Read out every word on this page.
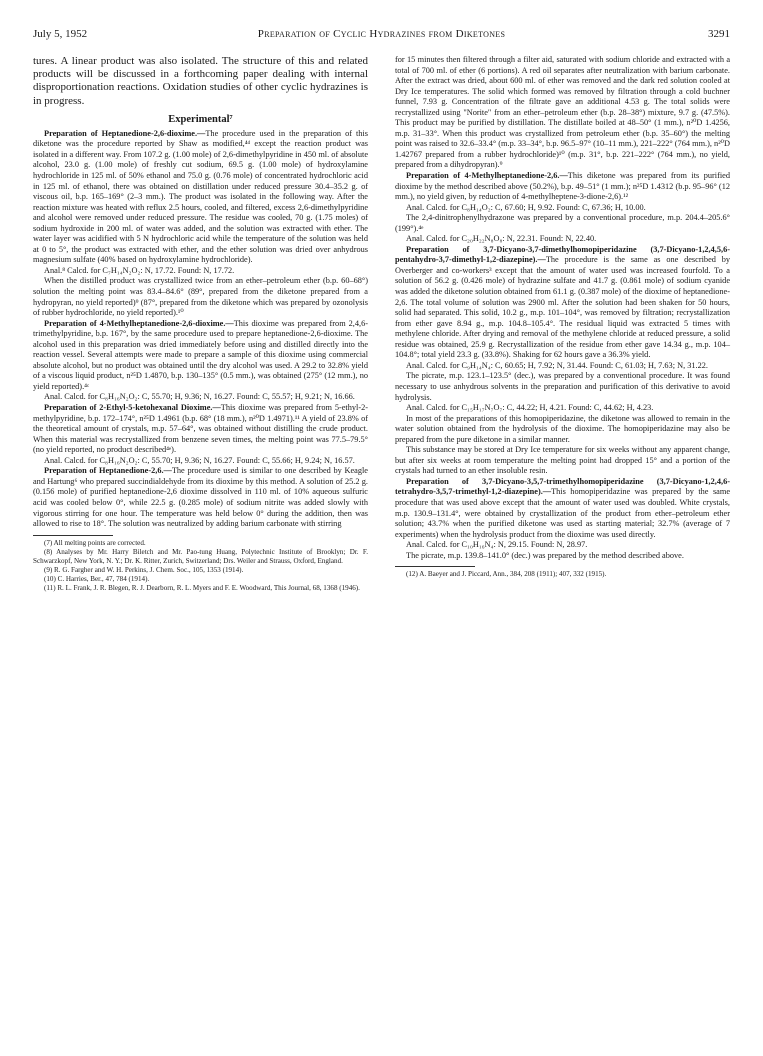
July 5, 1952	Preparation of Cyclic Hydrazines from Diketones	3291

tures. A linear product was also isolated. The structure of this and related products will be discussed in a forthcoming paper dealing with internal disproportionation reactions. Oxidation studies of other cyclic hydrazines is in progress.

Experimental⁷

Preparation of Heptanedione-2,6-dioxime.—The procedure used in the preparation of this diketone was the procedure reported by Shaw as modified,⁴ᵈ except the reaction product was isolated in a different way. From 107.2 g. (1.00 mole) of 2,6-dimethylpyridine in 450 ml. of absolute alcohol, 23.0 g. (1.00 mole) of freshly cut sodium, 69.5 g. (1.00 mole) of hydroxylamine hydrochloride in 125 ml. of 50% ethanol and 75.0 g. (0.76 mole) of concentrated hydrochloric acid in 125 ml. of ethanol, there was obtained on distillation under reduced pressure 30.4–35.2 g. of viscous oil, b.p. 165–169° (2–3 mm.). The product was isolated in the following way. After the reaction mixture was heated with reflux 2.5 hours, cooled, and filtered, excess 2,6-dimethylpyridine and alcohol were removed under reduced pressure. The residue was cooled, 70 g. (1.75 moles) of sodium hydroxide in 200 ml. of water was added, and the solution was extracted with ether. The water layer was acidified with 5 N hydrochloric acid while the temperature of the solution was held at 0 to 5°, the product was extracted with ether, and the ether solution was dried over anhydrous magnesium sulfate (40% based on hydroxylamine hydrochloride).

Anal.⁸ Calcd. for C₇H₁₄N₂O₂: N, 17.72. Found: N, 17.72.

When the distilled product was crystallized twice from an ether–petroleum ether (b.p. 60–68°) solution the melting point was 83.4–84.6° (89°, prepared from the diketone prepared from a hydropyran, no yield reported)⁹ (87°, prepared from the diketone which was prepared by ozonolysis of rubber hydrochloride, no yield reported).¹⁰

Preparation of 4-Methylheptanedione-2,6-dioxime.—This dioxime was prepared from 2,4,6-trimethylpyridine, b.p. 167°, by the same procedure used to prepare heptanedione-2,6-dioxime. The alcohol used in this preparation was dried immediately before using and distilled directly into the reaction vessel. Several attempts were made to prepare a sample of this dioxime using commercial absolute alcohol, but no product was obtained until the dry alcohol was used. A 29.2 to 32.8% yield of a viscous liquid product, n²⁵D 1.4870, b.p. 130–135° (0.5 mm.), was obtained (275° (12 mm.), no yield reported).⁴ᶜ

Anal. Calcd. for C₈H₁₆N₂O₂: C, 55.70; H, 9.36; N, 16.27. Found: C, 55.57; H, 9.21; N, 16.66.

Preparation of 2-Ethyl-5-ketohexanal Dioxime.—This dioxime was prepared from 5-ethyl-2-methylpyridine, b.p. 172–174°, n²⁵D 1.4961 (b.p. 68° (18 mm.), n²⁰D 1.4971).¹¹ A yield of 23.8% of the theoretical amount of crystals, m.p. 57–64°, was obtained without distilling the crude product. When this material was recrystallized from benzene seven times, the melting point was 77.5–79.5° (no yield reported, no product described⁴ᵉ).

Anal. Calcd. for C₈H₁₆N₂O₂: C, 55.70; H, 9.36; N, 16.27. Found: C, 55.66; H, 9.24; N, 16.57.

Preparation of Heptanedione-2,6.—The procedure used is similar to one described by Keagle and Hartung⁶ who prepared succindialdehyde from its dioxime by this method. A solution of 25.2 g. (0.156 mole) of purified heptanedione-2,6 dioxime dissolved in 110 ml. of 10% aqueous sulfuric acid was cooled below 0°, while 22.5 g. (0.285 mole) of sodium nitrite was added slowly with vigorous stirring for one hour. The temperature was held below 0° during the addition, then was allowed to rise to 18°. The solution was neutralized by adding barium carbonate with stirring

(7) All melting points are corrected.

(8) Analyses by Mr. Harry Biletch and Mr. Pao-tung Huang, Polytechnic Institute of Brooklyn; Dr. F. Schwarzkopf, New York, N. Y.; Dr. K. Ritter, Zurich, Switzerland; Drs. Weiler and Strauss, Oxford, England.

(9) R. G. Fargher and W. H. Perkins, J. Chem. Soc., 105, 1353 (1914).

(10) C. Harries, Ber., 47, 784 (1914).

(11) R. L. Frank, J. R. Blegen, R. J. Dearborn, R. L. Myers and F. E. Woodward, This Journal, 68, 1368 (1946).

for 15 minutes then filtered through a filter aid, saturated with sodium chloride and extracted with a total of 700 ml. of ether (6 portions). A red oil separates after neutralization with barium carbonate. After the extract was dried, about 600 ml. of ether was removed and the dark red solution cooled at Dry Ice temperatures. The solid which formed was removed by filtration through a cold buchner funnel, 7.93 g. Concentration of the filtrate gave an additional 4.53 g. The total solids were recrystallized using "Norite" from an ether–petroleum ether (b.p. 28–38°) mixture, 9.7 g. (47.5%). This product may be purified by distillation. The distillate boiled at 48–50° (1 mm.), n²⁰D 1.4256, m.p. 31–33°. When this product was crystallized from petroleum ether (b.p. 35–60°) the melting point was raised to 32.6–33.4° (m.p. 33–34°, b.p. 96.5–97° (10–11 mm.), 221–222° (764 mm.), n²⁰D 1.42767 prepared from a rubber hydrochloride)¹⁰ (m.p. 31°, b.p. 221–222° (764 mm.), no yield, prepared from a dihydropyran).⁹

Preparation of 4-Methylheptanedione-2,6.—This diketone was prepared from its purified dioxime by the method described above (50.2%), b.p. 49–51° (1 mm.); n²⁵D 1.4312 (b.p. 95–96° (12 mm.), no yield given, by reduction of 4-methylheptene-3-dione-2,6).¹²

Anal. Calcd. for C₈H₁₄O₂: C, 67.60; H, 9.92. Found: C, 67.36; H, 10.00.

The 2,4-dinitrophenylhydrazone was prepared by a conventional procedure, m.p. 204.4–205.6° (199°).⁴ᵉ

Anal. Calcd. for C₂₀H₂₂N₈O₈: N, 22.31. Found: N, 22.40.

Preparation of 3,7-Dicyano-3,7-dimethylhomopiperidazine (3,7-Dicyano-1,2,4,5,6-pentahydro-3,7-dimethyl-1,2-diazepine).—The procedure is the same as one described by Overberger and co-workers³ except that the amount of water used was increased fourfold. To a solution of 56.2 g. (0.426 mole) of hydrazine sulfate and 41.7 g. (0.861 mole) of sodium cyanide was added the diketone solution obtained from 61.1 g. (0.387 mole) of the dioxime of heptanedione-2,6. The total volume of solution was 2900 ml. After the solution had been shaken for 50 hours, solid had separated. This solid, 10.2 g., m.p. 101–104°, was removed by filtration; recrystallization from ether gave 8.94 g., m.p. 104.8–105.4°. The residual liquid was extracted 5 times with methylene chloride. After drying and removal of the methylene chloride at reduced pressure, a solid residue was obtained, 25.9 g. Recrystallization of the residue from ether gave 14.34 g., m.p. 104–104.8°; total yield 23.3 g. (33.8%). Shaking for 62 hours gave a 36.3% yield.

Anal. Calcd. for C₉H₁₄N₄: C, 60.65; H, 7.92; N, 31.44. Found: C, 61.03; H, 7.63; N, 31.22.

The picrate, m.p. 123.1–123.5° (dec.), was prepared by a conventional procedure. It was found necessary to use anhydrous solvents in the preparation and purification of this derivative to avoid hydrolysis.

Anal. Calcd. for C₁₅H₁₇N₇O₇: C, 44.22; H, 4.21. Found: C, 44.62; H, 4.23.

In most of the preparations of this homopiperidazine, the diketone was allowed to remain in the water solution obtained from the hydrolysis of the dioxime. The homopiperidazine may also be prepared from the pure diketone in a similar manner.

This substance may be stored at Dry Ice temperature for six weeks without any apparent change, but after six weeks at room temperature the melting point had dropped 15° and a portion of the crystals had turned to an ether insoluble resin.

Preparation of 3,7-Dicyano-3,5,7-trimethylhomopiperidazine (3,7-Dicyano-1,2,4,6-tetrahydro-3,5,7-trimethyl-1,2-diazepine).—This homopiperidazine was prepared by the same procedure that was used above except that the amount of water used was doubled. White crystals, m.p. 130.9–131.4°, were obtained by crystallization of the product from ether–petroleum ether solution; 43.7% when the purified diketone was used as starting material; 32.7% (average of 7 experiments) when the hydrolysis product from the dioxime was used directly.

Anal. Calcd. for C₁₀H₁₆N₄: N, 29.15. Found: N, 28.97.

The picrate, m.p. 139.8–141.0° (dec.) was prepared by the method described above.

(12) A. Baeyer and J. Piccard, Ann., 384, 208 (1911); 407, 332 (1915).
